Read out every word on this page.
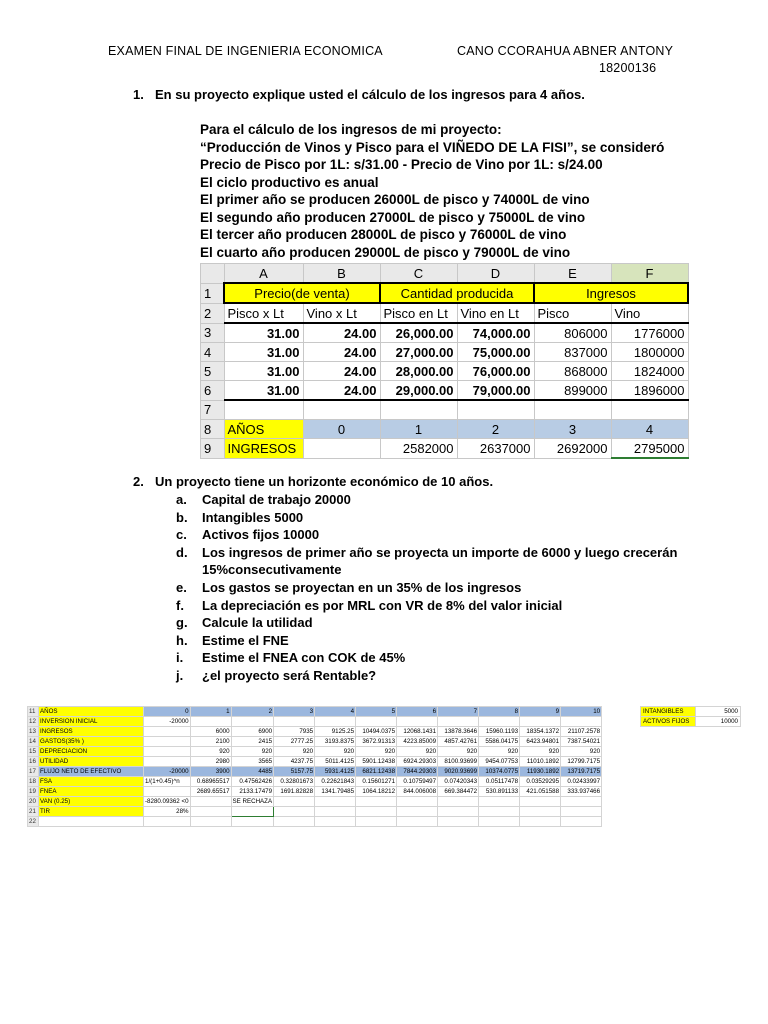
EXAMEN FINAL DE INGENIERIA ECONOMICA	CANO CCORAHUA ABNER ANTONY
18200136
1. En su proyecto explique usted el cálculo de los ingresos para 4 años.
Para el cálculo de los ingresos de mi proyecto:
“Producción de Vinos y Pisco para el VIÑEDO DE LA FISI”, se consideró
Precio de Pisco por 1L: s/31.00 - Precio de Vino por 1L: s/24.00
El ciclo productivo es anual
El primer año se producen 26000L de pisco y 74000L de vino
El segundo año producen 27000L de pisco y 75000L de vino
El tercer año producen 28000L de pisco y 76000L de vino
El cuarto año producen 29000L de pisco y 79000L de vino
	A	B	C	D	E	F
1	Precio(de venta)		Cantidad producida		Ingresos	
2	Pisco x Lt	Vino x Lt	Pisco en Lt	Vino en Lt	Pisco	Vino
3	31.00	24.00	26,000.00	74,000.00	806000	1776000
4	31.00	24.00	27,000.00	75,000.00	837000	1800000
5	31.00	24.00	28,000.00	76,000.00	868000	1824000
6	31.00	24.00	29,000.00	79,000.00	899000	1896000
7						
8	AÑOS	0	1	2	3	4
9	INGRESOS		2582000	2637000	2692000	2795000
2. Un proyecto tiene un horizonte económico de 10 años.
a. Capital de trabajo 20000
b. Intangibles 5000
c. Activos fijos 10000
d. Los ingresos de primer año se proyecta un importe de 6000 y luego crecerán
15%consecutivamente
e. Los gastos se proyectan en un 35% de los ingresos
f. La depreciación es por MRL con VR de 8% del valor inicial
g. Calcule la utilidad
h. Estime el FNE
i. Estime el FNEA con COK de 45%
j. ¿el proyecto será Rentable?
11	AÑOS	0	1	2	3	4	5	6	7	8	9	10
12	INVERSION INICIAL	-20000										
13	INGRESOS		6000	6900	7935	9125.25	10494.0375	12068.1431	13878.3646	15960.1193	18354.1372	21107.2578
14	GASTOS(35% )		2100	2415	2777.25	3193.8375	3672.91313	4223.85009	4857.42761	5586.04175	6423.94801	7387.54021
15	DEPRECIACION		920	920	920	920	920	920	920	920	920	920
16	UTILIDAD		2980	3565	4237.75	5011.4125	5901.12438	6924.29303	8100.93699	9454.07753	11010.1892	12799.7175
17	FLUJO NETO DE EFECTIVO	-20000	3900	4485	5157.75	5931.4125	6821.12438	7844.29303	9020.93699	10374.0775	11930.1892	13719.7175
18	FSA	1/(1+0.45)^n	0.68965517	0.47562426	0.32801673	0.22621843	0.15601271	0.10759497	0.07420343	0.05117478	0.03529295	0.02433997
19	FNEA		2689.65517	2133.17479	1691.82828	1341.79485	1064.18212	844.006008	669.384472	530.891133	421.051588	333.937466
20	VAN (0.25)	-8280.09362 <0		SE RECHAZA								
21	TIR	28%										
22												
INTANGIBLES	5000
ACTIVOS FIJOS	10000
